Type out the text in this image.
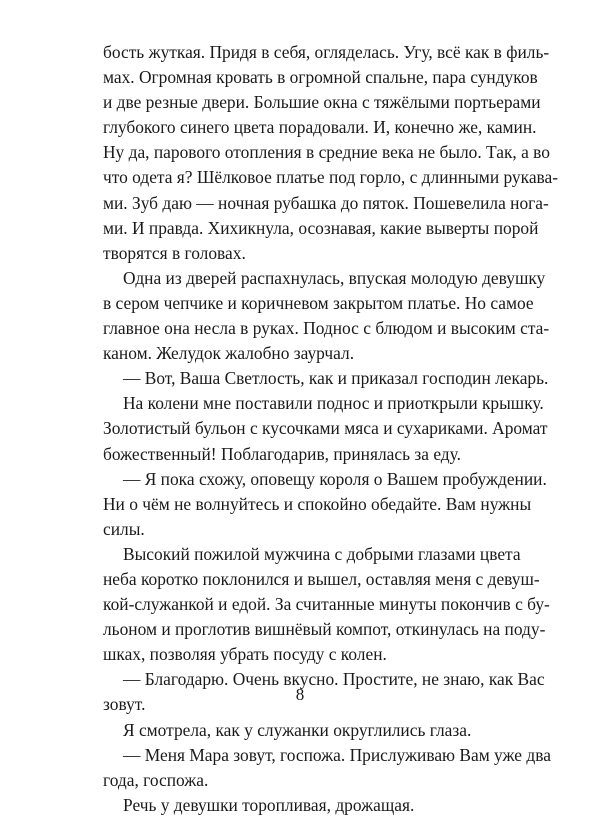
бость жуткая. Придя в себя, огляделась. Угу, всё как в филь-
мах. Огромная кровать в огромной спальне, пара сундуков
и две резные двери. Большие окна с тяжёлыми портьерами
глубокого синего цвета порадовали. И, конечно же, камин.
Ну да, парового отопления в средние века не было. Так, а во
что одета я? Шёлковое платье под горло, с длинными рукава-
ми. Зуб даю — ночная рубашка до пяток. Пошевелила нога-
ми. И правда. Хихикнула, осознавая, какие выверты порой
творятся в головах.
Одна из дверей распахнулась, впуская молодую девушку
в сером чепчике и коричневом закрытом платье. Но самое
главное она несла в руках. Поднос с блюдом и высоким ста-
каном. Желудок жалобно заурчал.
— Вот, Ваша Светлость, как и приказал господин лекарь.
На колени мне поставили поднос и приоткрыли крышку.
Золотистый бульон с кусочками мяса и сухариками. Аромат
божественный! Поблагодарив, принялась за еду.
— Я пока схожу, оповещу короля о Вашем пробуждении.
Ни о чём не волнуйтесь и спокойно обедайте. Вам нужны
силы.
Высокий пожилой мужчина с добрыми глазами цвета
неба коротко поклонился и вышел, оставляя меня с девуш-
кой-служанкой и едой. За считанные минуты покончив с бу-
льоном и проглотив вишнёвый компот, откинулась на поду-
шках, позволяя убрать посуду с колен.
— Благодарю. Очень вкусно. Простите, не знаю, как Вас
зовут.
Я смотрела, как у служанки округлились глаза.
— Меня Мара зовут, госпожа. Прислуживаю Вам уже два
года, госпожа.
Речь у девушки торопливая, дрожащая.
8
